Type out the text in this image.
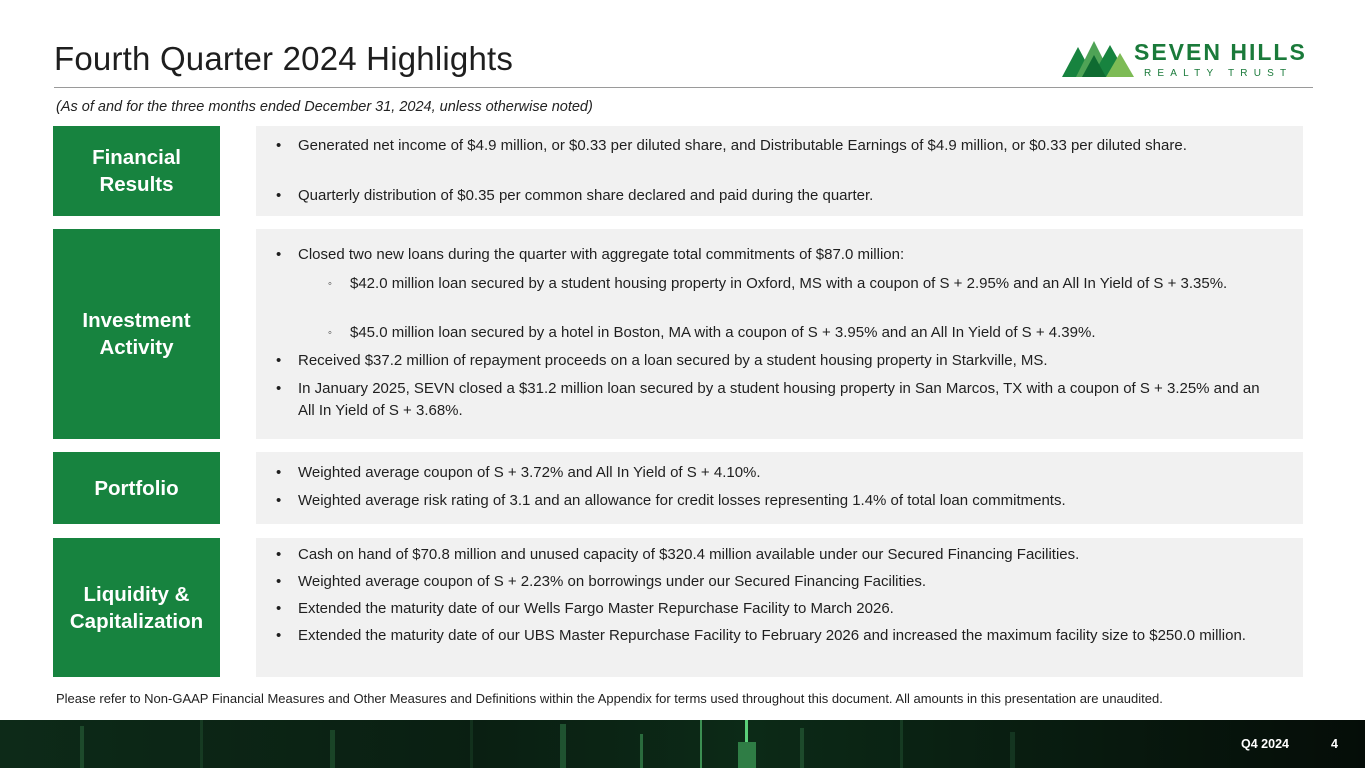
Fourth Quarter 2024 Highlights	SEVEN HILLS
REALTY TRUST
(As of and for the three months ended December 31, 2024, unless otherwise noted)
Financial
Results
• Generated net income of $4.9 million, or $0.33 per diluted share, and Distributable Earnings of $4.9 million, or $0.33 per diluted share.
• Quarterly distribution of $0.35 per common share declared and paid during the quarter.
Investment
Activity
• Closed two new loans during the quarter with aggregate total commitments of $87.0 million:
◦ $42.0 million loan secured by a student housing property in Oxford, MS with a coupon of S + 2.95% and an All In Yield of S + 3.35%.
◦ $45.0 million loan secured by a hotel in Boston, MA with a coupon of S + 3.95% and an All In Yield of S + 4.39%.
• Received $37.2 million of repayment proceeds on a loan secured by a student housing property in Starkville, MS.
• In January 2025, SEVN closed a $31.2 million loan secured by a student housing property in San Marcos, TX with a coupon of S + 3.25% and an All In Yield of S + 3.68%.
Portfolio
• Weighted average coupon of S + 3.72% and All In Yield of S + 4.10%.
• Weighted average risk rating of 3.1 and an allowance for credit losses representing 1.4% of total loan commitments.
Liquidity &
Capitalization
• Cash on hand of $70.8 million and unused capacity of $320.4 million available under our Secured Financing Facilities.
• Weighted average coupon of S + 2.23% on borrowings under our Secured Financing Facilities.
• Extended the maturity date of our Wells Fargo Master Repurchase Facility to March 2026.
• Extended the maturity date of our UBS Master Repurchase Facility to February 2026 and increased the maximum facility size to $250.0 million.
Please refer to Non-GAAP Financial Measures and Other Measures and Definitions within the Appendix for terms used throughout this document. All amounts in this presentation are unaudited.
Q4 2024	4
